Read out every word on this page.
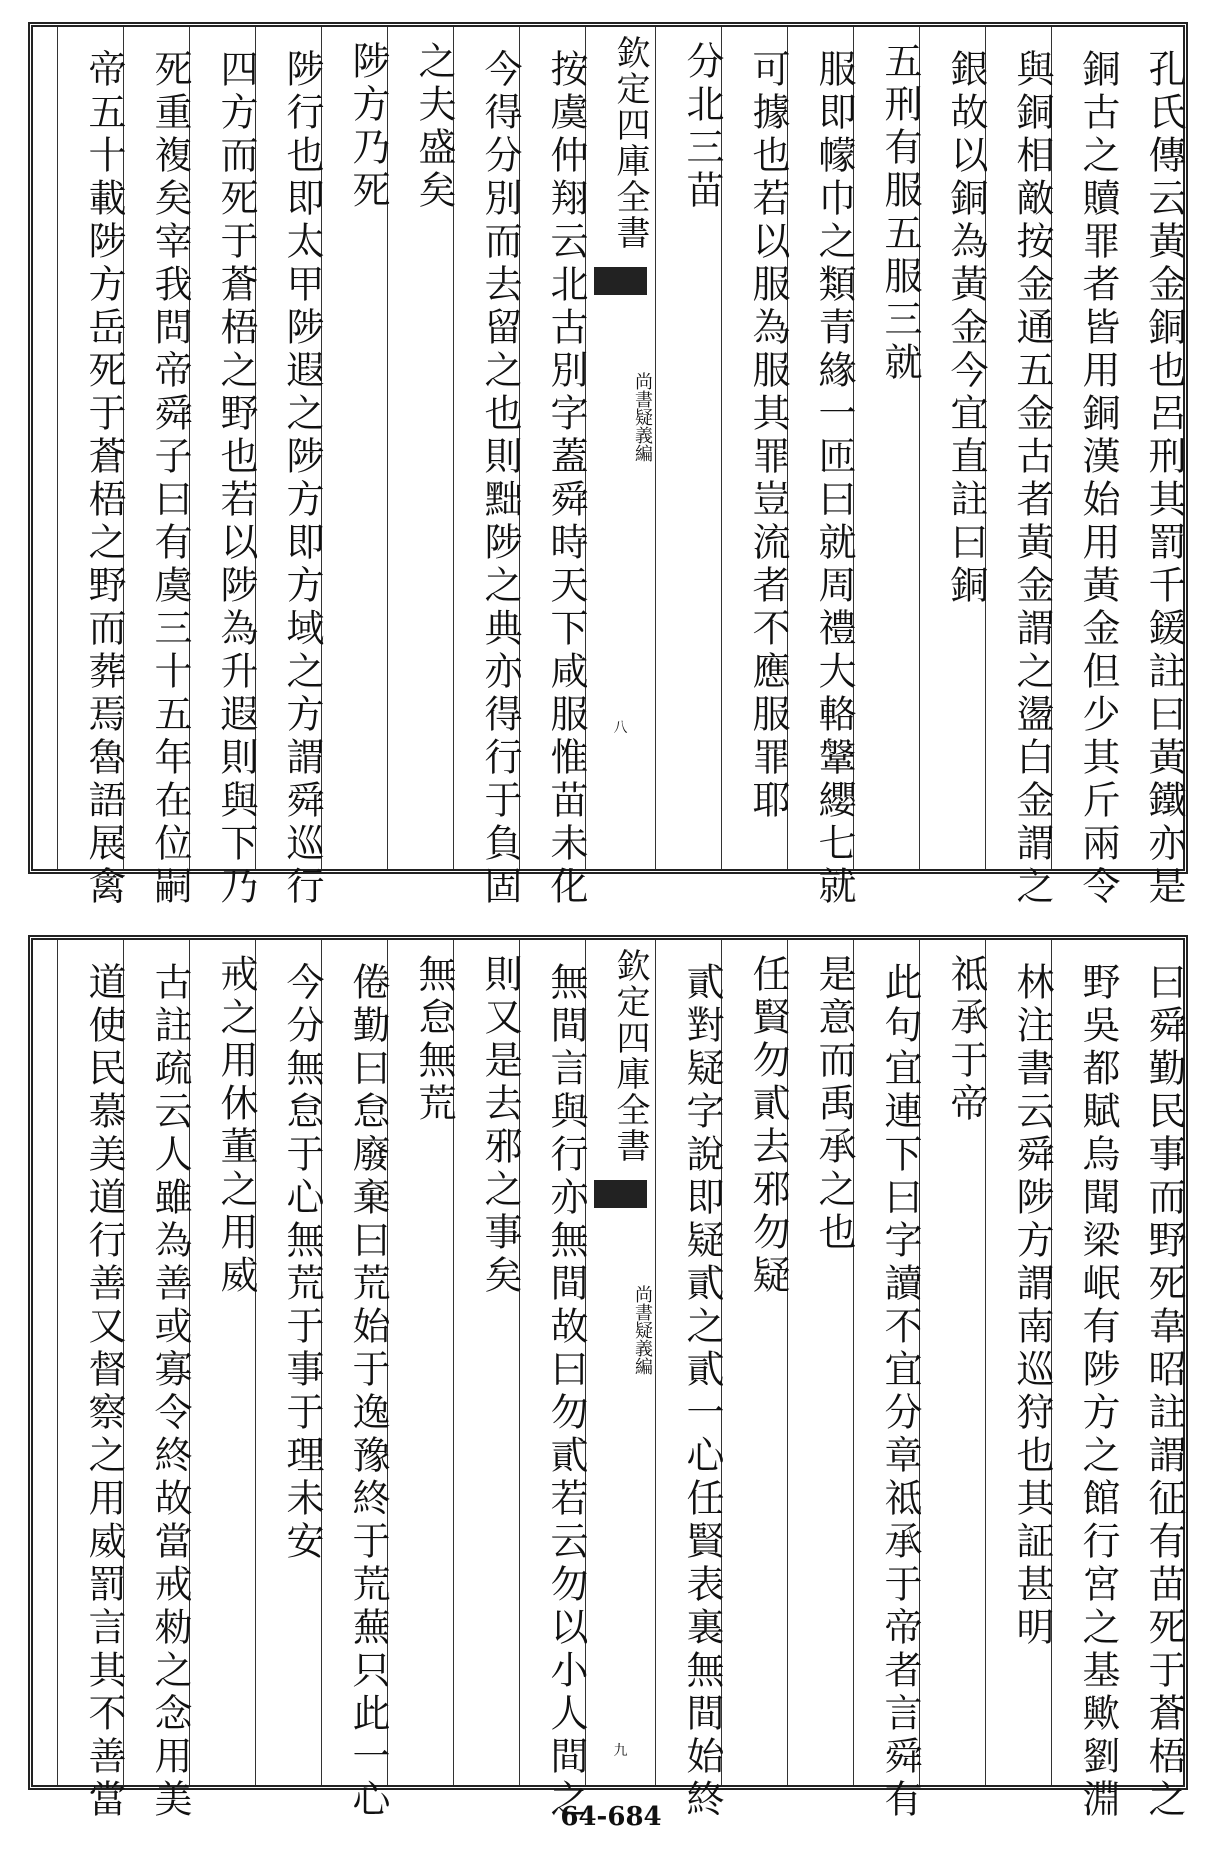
孔氏傳云黃金銅也呂刑其罰千鍰註曰黃鐵亦是
銅古之贖罪者皆用銅漢始用黃金但少其斤兩令
與銅相敵按金通五金古者黃金謂之盪白金謂之
銀故以銅為黃金今宜直註曰銅
五刑有服五服三就
服即幪巾之類青緣一匝曰就周禮大輅鞶纓七就
可據也若以服為服其罪豈流者不應服罪耶
分北三苗
欽定四庫全書
尚書疑義編
八
按虞仲翔云北古別字蓋舜時天下咸服惟苗未化
今得分別而去留之也則黜陟之典亦得行于負固
之夫盛矣
陟方乃死
陟行也即太甲陟遐之陟方即方域之方謂舜巡行
四方而死于蒼梧之野也若以陟為升遐則與下乃
死重複矣宰我問帝舜子曰有虞三十五年在位嗣
帝五十載陟方岳死于蒼梧之野而葬焉魯語展禽
曰舜勤民事而野死韋昭註謂征有苗死于蒼梧之
野吳都賦烏聞梁岷有陟方之館行宮之基歟劉淵
林注書云舜陟方謂南巡狩也其証甚明
祗承于帝
此句宜連下曰字讀不宜分章祗承于帝者言舜有
是意而禹承之也
任賢勿貳去邪勿疑
貳對疑字說即疑貳之貳一心任賢表裏無間始終
欽定四庫全書
尚書疑義編
九
無間言與行亦無間故曰勿貳若云勿以小人間之
則又是去邪之事矣
無怠無荒
倦勤曰怠廢棄曰荒始于逸豫終于荒蕪只此一心
今分無怠于心無荒于事于理未安
戒之用休董之用威
古註疏云人雖為善或寡令終故當戒勑之念用美
道使民慕美道行善又督察之用威罰言其不善當	64-684
